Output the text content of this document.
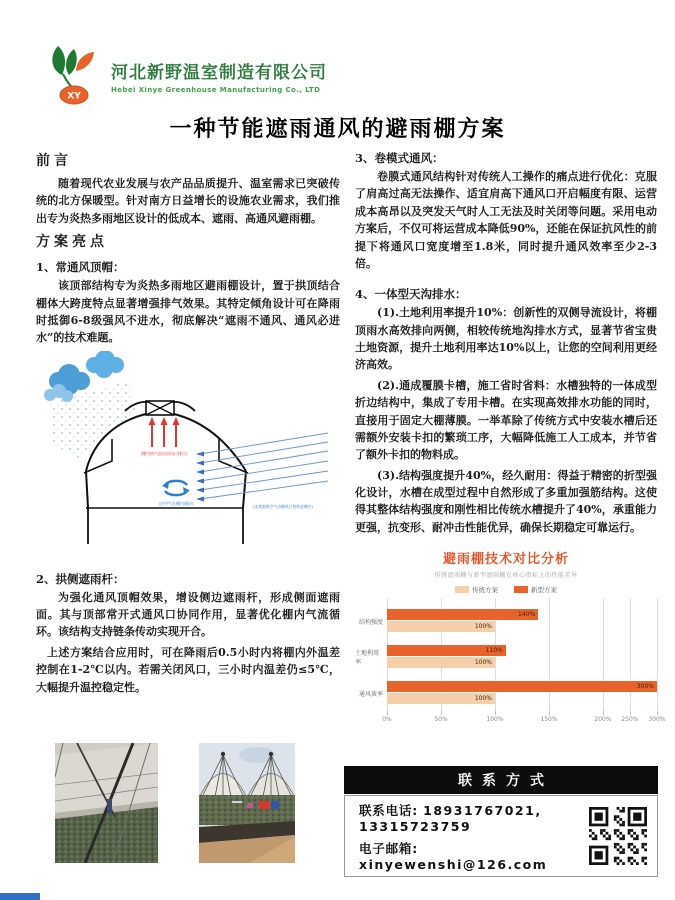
XY
河北新野温室制造有限公司
Hebei Xinye Greenhouse Manufacturing Co., LTD
一种节能遮雨通风的避雨棚方案
前言

随着现代农业发展与农产品品质提升、温室需求已突破传统的北方保暖型。针对南方日益增长的设施农业需求，我们推出专为炎热多雨地区设计的低成本、遮雨、高通风避雨棚。

方案亮点
1、常通风顶帽：

该顶部结构专为炎热多雨地区避雨棚设计，置于拱顶结合棚体大跨度特点显著增强排气效果。其特定倾角设计可在降雨时抵御6-8级强风不进水，彻底解决“遮雨不通风、通风必进水”的技术难题。

(棚内热气流由顶风口排出)
(冷空气在棚内循环)
(凉爽新鲜空气由侧风口持续进棚内)
2、拱侧遮雨杆：

为强化通风顶帽效果，增设侧边遮雨杆，形成侧面遮雨面。其与顶部常开式通风口协同作用，显著优化棚内气流循环。该结构支持链条传动实现开合。

上述方案结合应用时，可在降雨后0.5小时内将棚内外温差控制在1-2℃以内。若需关闭风口，三小时内温差仍≤5℃，大幅提升温控稳定性。

3、卷模式通风：

卷膜式通风结构针对传统人工操作的痛点进行优化：克服了肩高过高无法操作、适宜肩高下通风口开启幅度有限、运营成本高昂以及突发天气时人工无法及时关闭等问题。采用电动方案后，不仅可将运营成本降低90%，还能在保证抗风性的前提下将通风口宽度增至1.8米，同时提升通风效率至少2-3倍。

4、一体型天沟排水：

(1).土地利用率提升10%：创新性的双侧导流设计，将棚顶雨水高效排向两侧，相较传统地沟排水方式，显著节省宝贵土地资源，提升土地利用率达10%以上，让您的空间利用更经济高效。

(2).通成覆膜卡槽，施工省时省料：水槽独特的一体成型折边结构中，集成了专用卡槽。在实现高效排水功能的同时，直接用于固定大棚薄膜。一举革除了传统方式中安装水槽后还需额外安装卡扣的繁琐工序，大幅降低施工人工成本，并节省了额外卡扣的物料成。

(3).结构强度提升40%，经久耐用：得益于精密的折型强化设计，水槽在成型过程中自然形成了多重加强筋结构。这使得其整体结构强度和刚性相比传统水槽提升了40%，承重能力更强，抗变形、耐冲击性能优异，确保长期稳定可靠运行。

避雨棚技术对比分析
传统遮雨棚与新型遮雨棚在核心指标上的性能差异
传统方案	新型方案
结构强度
土地利用率
通风效率
140%
100%
110%
100%
300%
100%
0%	50%	100%	150%	200% 250% 300%
联系方式
联系电话: 18931767021, 13315723759
电子邮箱: xinyewenshi@126.com
